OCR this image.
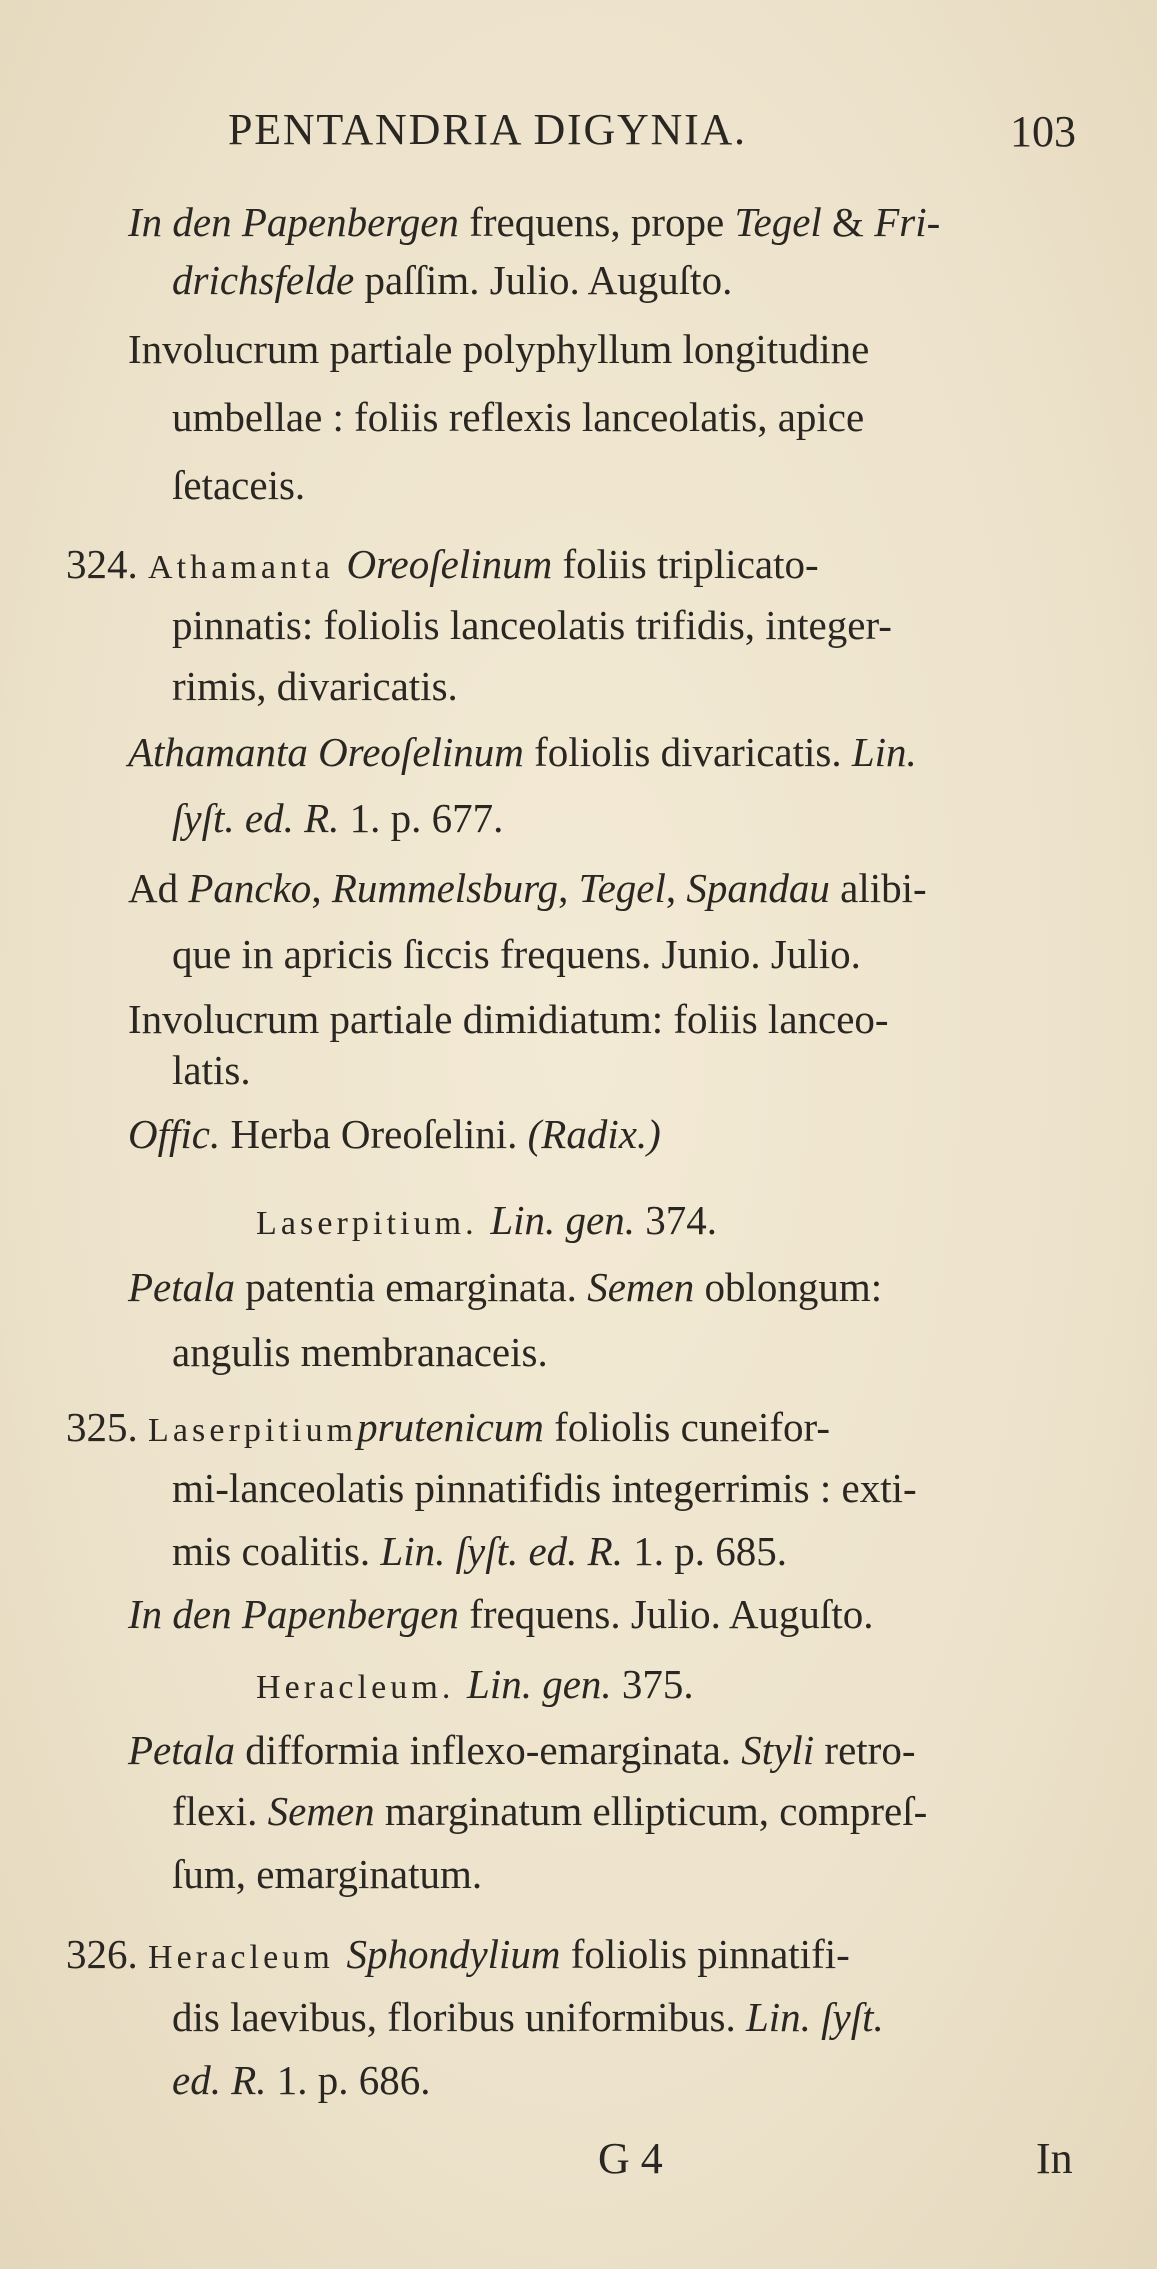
PENTANDRIA DIGYNIA.	103
In den Papenbergen frequens, prope Tegel & Fri-
drichsfelde paſſim. Julio. Auguſto.
Involucrum partiale polyphyllum longitudine
umbellae : foliis reflexis lanceolatis, apice
ſetaceis.
324. Athamanta Oreoſelinum foliis triplicato-
pinnatis: foliolis lanceolatis trifidis, integer-
rimis, divaricatis.
Athamanta Oreoſelinum foliolis divaricatis. Lin.
ſyſt. ed. R. 1. p. 677.
Ad Pancko, Rummelsburg, Tegel, Spandau alibi-
que in apricis ſiccis frequens. Junio. Julio.
Involucrum partiale dimidiatum: foliis lanceo-
latis.
Offic. Herba Oreoſelini. (Radix.)
Laserpitium. Lin. gen. 374.
Petala patentia emarginata. Semen oblongum:
angulis membranaceis.
325. Laserpitiumprutenicum foliolis cuneifor-
mi-lanceolatis pinnatifidis integerrimis : exti-
mis coalitis. Lin. ſyſt. ed. R. 1. p. 685.
In den Papenbergen frequens. Julio. Auguſto.
Heracleum. Lin. gen. 375.
Petala difformia inflexo-emarginata. Styli retro-
flexi. Semen marginatum ellipticum, compreſ-
ſum, emarginatum.
326. Heracleum Sphondylium foliolis pinnatifi-
dis laevibus, floribus uniformibus. Lin. ſyſt.
ed. R. 1. p. 686.
G 4	In
